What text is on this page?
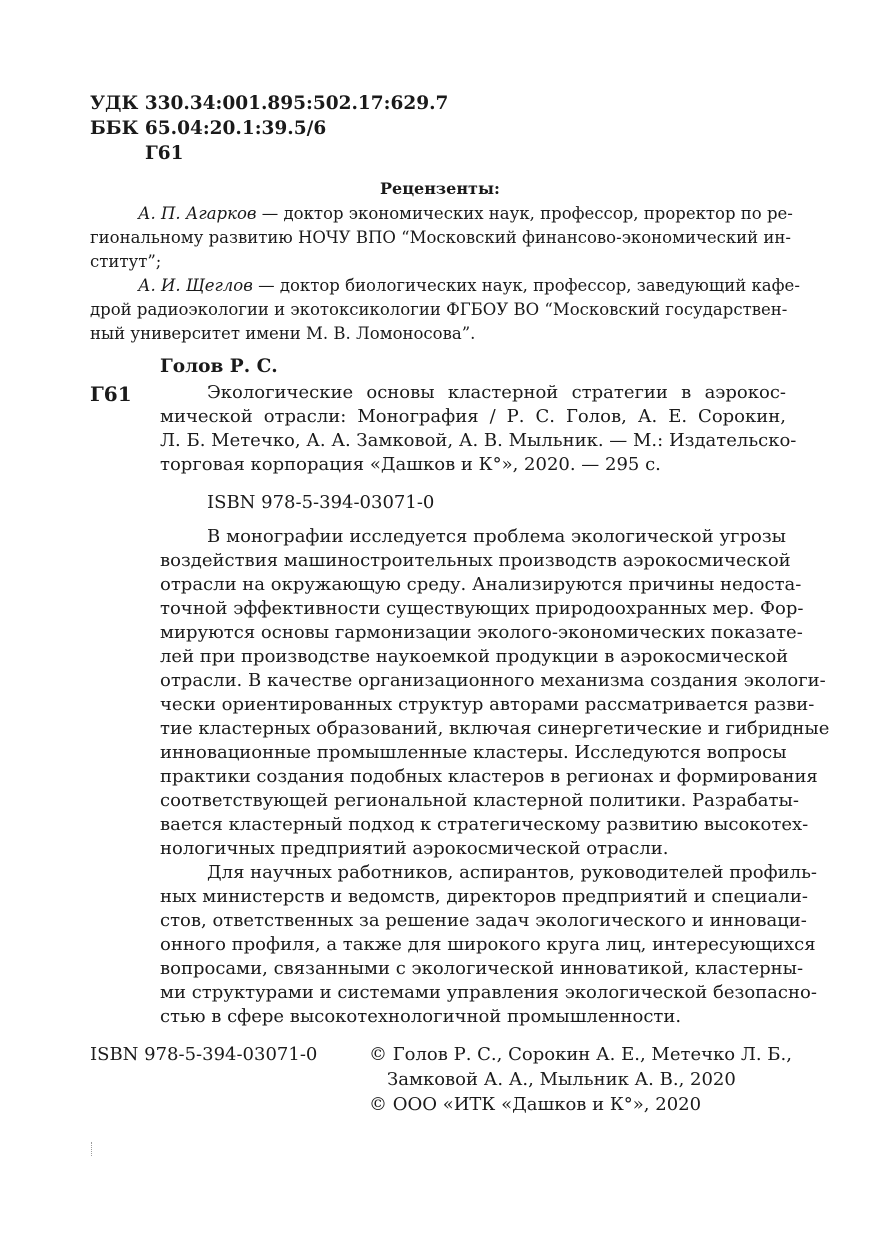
УДК 330.34:001.895:502.17:629.7
ББК 65.04:20.1:39.5/6
Г61
Рецензенты:
А. П. Агарков — доктор экономических наук, профессор, проректор по ре-
гиональному развитию НОЧУ ВПО “Московский финансово-экономический ин-
ститут”;
А. И. Щеглов — доктор биологических наук, профессор, заведующий кафе-
дрой радиоэкологии и экотоксикологии ФГБОУ ВО “Московский государствен-
ный университет имени М. В. Ломоносова”.
Голов Р. С.
Г61	Экологические основы кластерной стратегии в аэрокос-
мической отрасли: Монография / Р. С. Голов, А. Е. Сорокин,
Л. Б. Метечко, А. А. Замковой, А. В. Мыльник. — М.: Издательско-
торговая корпорация «Дашков и К°», 2020. — 295 с.
ISBN 978-5-394-03071-0
В монографии исследуется проблема экологической угрозы
воздействия машиностроительных производств аэрокосмической
отрасли на окружающую среду. Анализируются причины недоста-
точной эффективности существующих природоохранных мер. Фор-
мируются основы гармонизации эколого-экономических показате-
лей при производстве наукоемкой продукции в аэрокосмической
отрасли. В качестве организационного механизма создания экологи-
чески ориентированных структур авторами рассматривается разви-
тие кластерных образований, включая синергетические и гибридные
инновационные промышленные кластеры. Исследуются вопросы
практики создания подобных кластеров в регионах и формирования
соответствующей региональной кластерной политики. Разрабаты-
вается кластерный подход к стратегическому развитию высокотех-
нологичных предприятий аэрокосмической отрасли.
Для научных работников, аспирантов, руководителей профиль-
ных министерств и ведомств, директоров предприятий и специали-
стов, ответственных за решение задач экологического и инноваци-
онного профиля, а также для широкого круга лиц, интересующихся
вопросами, связанными с экологической инноватикой, кластерны-
ми структурами и системами управления экологической безопасно-
стью в сфере высокотехнологичной промышленности.
ISBN 978-5-394-03071-0	© Голов Р. С., Сорокин А. Е., Метечко Л. Б.,
Замковой А. А., Мыльник А. В., 2020
© ООО «ИТК «Дашков и К°», 2020
